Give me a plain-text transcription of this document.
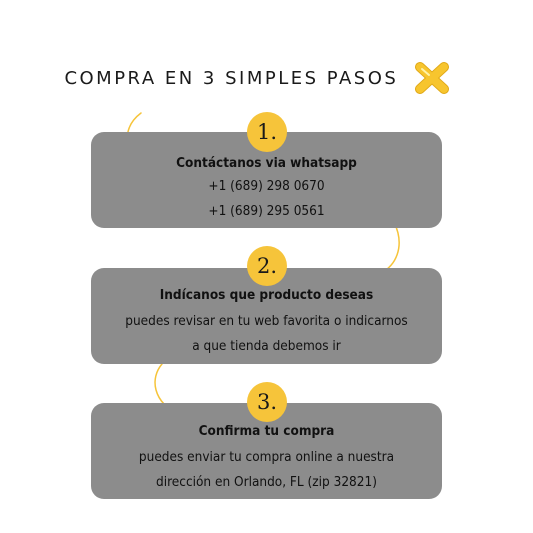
COMPRA EN 3 SIMPLES PASOS
Contáctanos via whatsapp
+1 (689) 298 0670
+1 (689) 295 0561
1.
Indícanos que producto deseas
puedes revisar en tu web favorita o indicarnos
a que tienda debemos ir
2.
Confirma tu compra
puedes enviar tu compra online a nuestra
dirección en Orlando, FL (zip 32821)
3.
